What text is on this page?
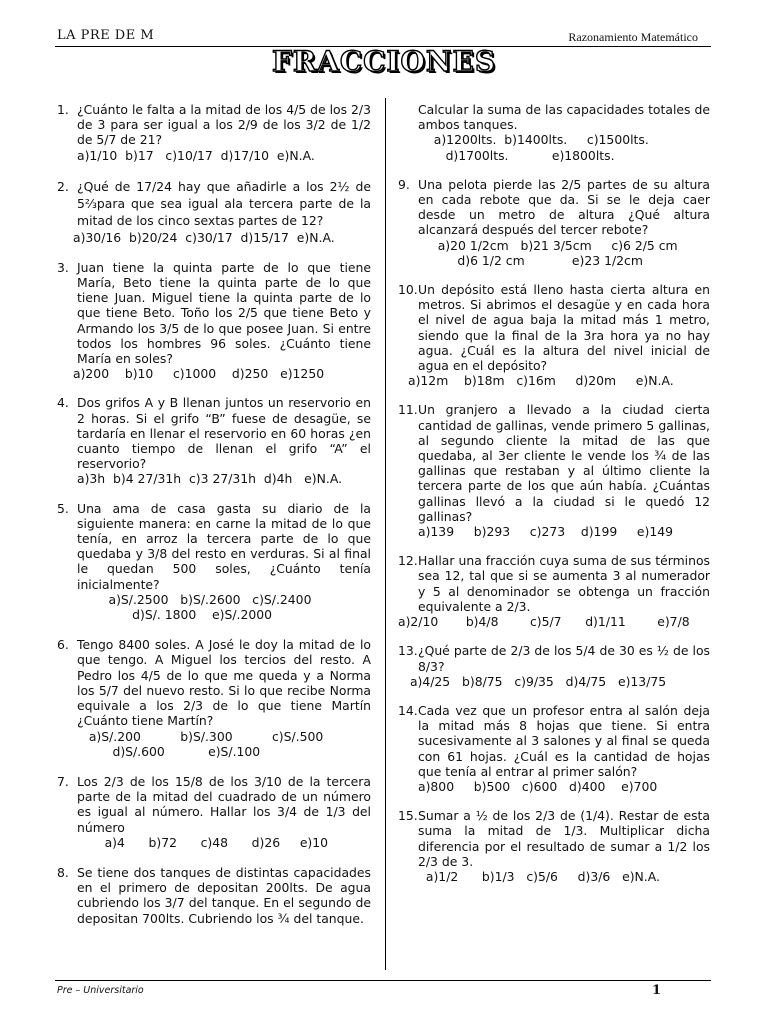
LA PRE DE M	Razonamiento Matemático
FRACCIONES
1. ¿Cuánto le falta a la mitad de los 4/5 de los 2/3 de 3 para ser igual a los 2/9 de los 3/2 de 1/2 de 5/7 de 21?
a)1/10  b)17   c)10/17  d)17/10  e)N.A.
2. ¿Qué de 17/24 hay que añadirle a los 2½ de 5⅔para que sea igual ala tercera parte de la mitad de los cinco sextas partes de 12?
a)30/16  b)20/24  c)30/17  d)15/17  e)N.A.
3. Juan tiene la quinta parte de lo que tiene María, Beto tiene la quinta parte de lo que tiene Juan. Miguel tiene la quinta parte de lo que tiene Beto. Toño los 2/5 que tiene Beto y Armando los 3/5 de lo que posee Juan. Si entre todos los hombres 96 soles. ¿Cuánto tiene María en soles?
a)200    b)10     c)1000    d)250   e)1250
4. Dos grifos A y B llenan juntos un reservorio en 2 horas. Si el grifo “B” fuese de desagüe, se tardaría en llenar el reservorio en 60 horas ¿en cuanto tiempo de llenan el grifo “A” el reservorio?
a)3h  b)4 27/31h  c)3 27/31h  d)4h   e)N.A.
5. Una ama de casa gasta su diario de la siguiente manera: en carne la mitad de lo que tenía, en arroz la tercera parte de lo que quedaba y 3/8 del resto en verduras. Si al final le quedan 500 soles, ¿Cuánto tenía inicialmente?
a)S/.2500   b)S/.2600   c)S/.2400
d)S/. 1800    e)S/.2000
6. Tengo 8400 soles. A José le doy la mitad de lo que tengo. A Miguel los tercios del resto. A Pedro los 4/5 de lo que me queda y a Norma los 5/7 del nuevo resto. Si lo que recibe Norma equivale a los 2/3 de lo que tiene Martín ¿Cuánto tiene Martín?
a)S/.200          b)S/.300          c)S/.500
d)S/.600           e)S/.100
7. Los 2/3 de los 15/8 de los 3/10 de la tercera parte de la mitad del cuadrado de un número es igual al número. Hallar los 3/4 de 1/3 del número
a)4      b)72      c)48      d)26     e)10
8. Se tiene dos tanques de distintas capacidades en el primero de depositan 200lts. De agua cubriendo los 3/7 del tanque. En el segundo de depositan 700lts. Cubriendo los ¾ del tanque.
Calcular la suma de las capacidades totales de ambos tanques.
a)1200lts.  b)1400lts.     c)1500lts.
d)1700lts.           e)1800lts.
9. Una pelota pierde las 2/5 partes de su altura en cada rebote que da. Si se le deja caer desde un metro de altura ¿Qué altura alcanzará después del tercer rebote?
a)20 1/2cm   b)21 3/5cm     c)6 2/5 cm
d)6 1/2 cm            e)23 1/2cm
10. Un depósito está lleno hasta cierta altura en metros. Si abrimos el desagüe y en cada hora el nivel de agua baja la mitad más 1 metro, siendo que la final de la 3ra hora ya no hay agua. ¿Cuál es la altura del nivel inicial de agua en el depósito?
a)12m    b)18m   c)16m     d)20m     e)N.A.
11. Un granjero a llevado a la ciudad cierta cantidad de gallinas, vende primero 5 gallinas, al segundo cliente la mitad de las que quedaba, al 3er cliente le vende los ¾ de las gallinas que restaban y al último cliente la tercera parte de los que aún había. ¿Cuántas gallinas llevó a la ciudad si le quedó 12 gallinas?
a)139     b)293     c)273    d)199     e)149
12. Hallar una fracción cuya suma de sus términos sea 12, tal que si se aumenta 3 al numerador y 5 al denominador se obtenga un fracción equivalente a 2/3.
a)2/10       b)4/8        c)5/7      d)1/11        e)7/8
13. ¿Qué parte de 2/3 de los 5/4 de 30 es ½ de los 8/3?
a)4/25   b)8/75   c)9/35   d)4/75   e)13/75
14. Cada vez que un profesor entra al salón deja la mitad más 8 hojas que tiene. Si entra sucesivamente al 3 salones y al final se queda con 61 hojas. ¿Cuál es la cantidad de hojas que tenía al entrar al primer salón?
a)800     b)500   c)600   d)400    e)700
15. Sumar a ½ de los 2/3 de (1/4). Restar de esta suma la mitad de 1/3. Multiplicar dicha diferencia por el resultado de sumar a 1/2 los 2/3 de 3.
a)1/2      b)1/3   c)5/6     d)3/6   e)N.A.
Pre – Universitario	1
